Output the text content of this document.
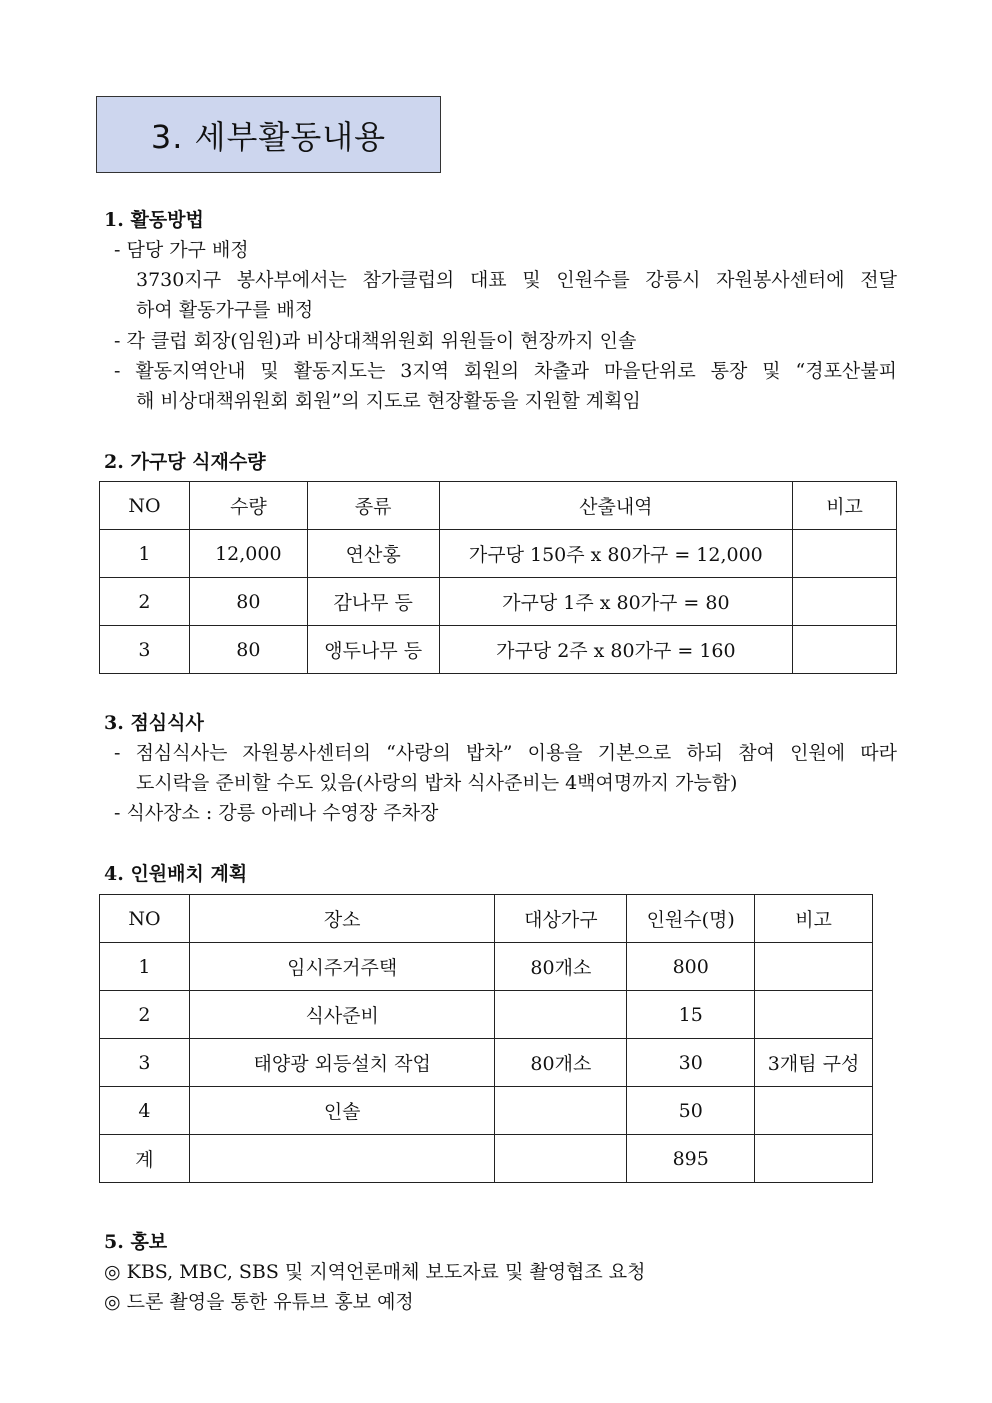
3. 세부활동내용
1. 활동방법
- 담당 가구 배정
3730지구 봉사부에서는 참가클럽의 대표 및 인원수를 강릉시 자원봉사센터에 전달
하여 활동가구를 배정
- 각 클럽 회장(임원)과 비상대책위원회 위원들이 현장까지 인솔
- 활동지역안내 및 활동지도는 3지역 회원의 차출과 마을단위로 통장 및 “경포산불피
해 비상대책위원회 회원”의 지도로 현장활동을 지원할 계획임
2. 가구당 식재수량
NO	수량	종류	산출내역	비고
1	12,000	연산홍	가구당 150주 x 80가구 = 12,000	
2	80	감나무 등	가구당 1주 x 80가구 = 80	
3	80	앵두나무 등	가구당 2주 x 80가구 = 160	
3. 점심식사
- 점심식사는 자원봉사센터의 “사랑의 밥차” 이용을 기본으로 하되 참여 인원에 따라
도시락을 준비할 수도 있음(사랑의 밥차 식사준비는 4백여명까지 가능함)
- 식사장소 : 강릉 아레나 수영장 주차장
4. 인원배치 계획
NO	장소	대상가구	인원수(명)	비고
1	임시주거주택	80개소	800	
2	식사준비		15	
3	태양광 외등설치 작업	80개소	30	3개팀 구성
4	인솔		50	
계			895	
5. 홍보
◎ KBS, MBC, SBS 및 지역언론매체 보도자료 및 촬영협조 요청
◎ 드론 촬영을 통한 유튜브 홍보 예정
